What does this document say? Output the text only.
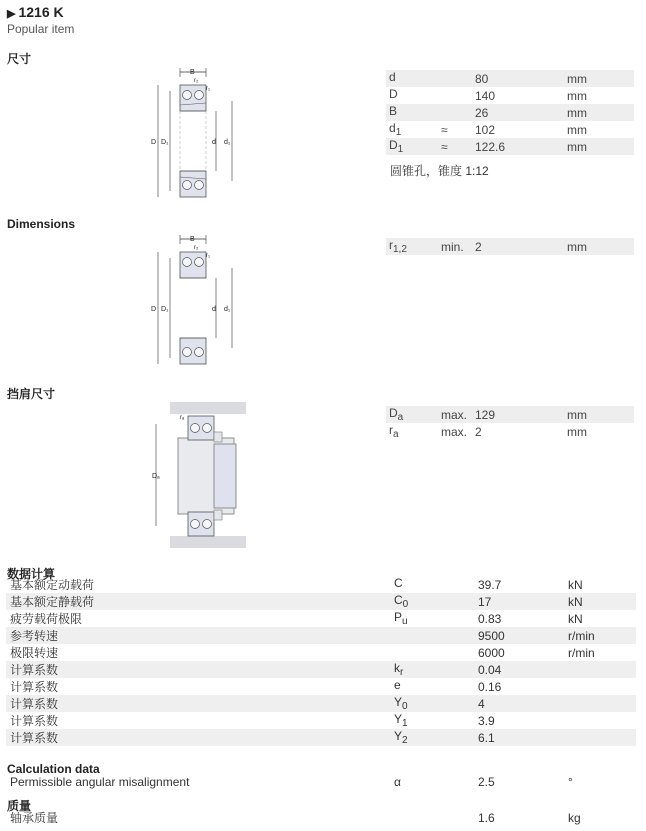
▶ 1216 K
Popular item
尺寸
B
r₂
r₁
D D₁	d d₁
d		80	mm
D		140	mm
B		26	mm
$d_1$	≈	102	mm
$D_1$	≈	122.6	mm
圆锥孔，锥度 1:12
Dimensions
B
r₂
r₁
D D₁	d d₁
$r_{1,2}$	min.	2	mm
挡肩尺寸
rₐ
Dₐ
$D_a$	max.	129	mm
$r_a$	max.	2	mm
数据计算
基本额定动载荷	C	39.7	kN
基本额定静载荷	$C_0$	17	kN
疲劳载荷极限	$P_u$	0.83	kN
参考转速		9500	r/min
极限转速		6000	r/min
计算系数	$k_r$	0.04	
计算系数	e	0.16	
计算系数	$Y_0$	4	
计算系数	$Y_1$	3.9	
计算系数	$Y_2$	6.1	
Calculation data
Permissible angular misalignment	α	2.5	°
质量
轴承质量		1.6	kg
